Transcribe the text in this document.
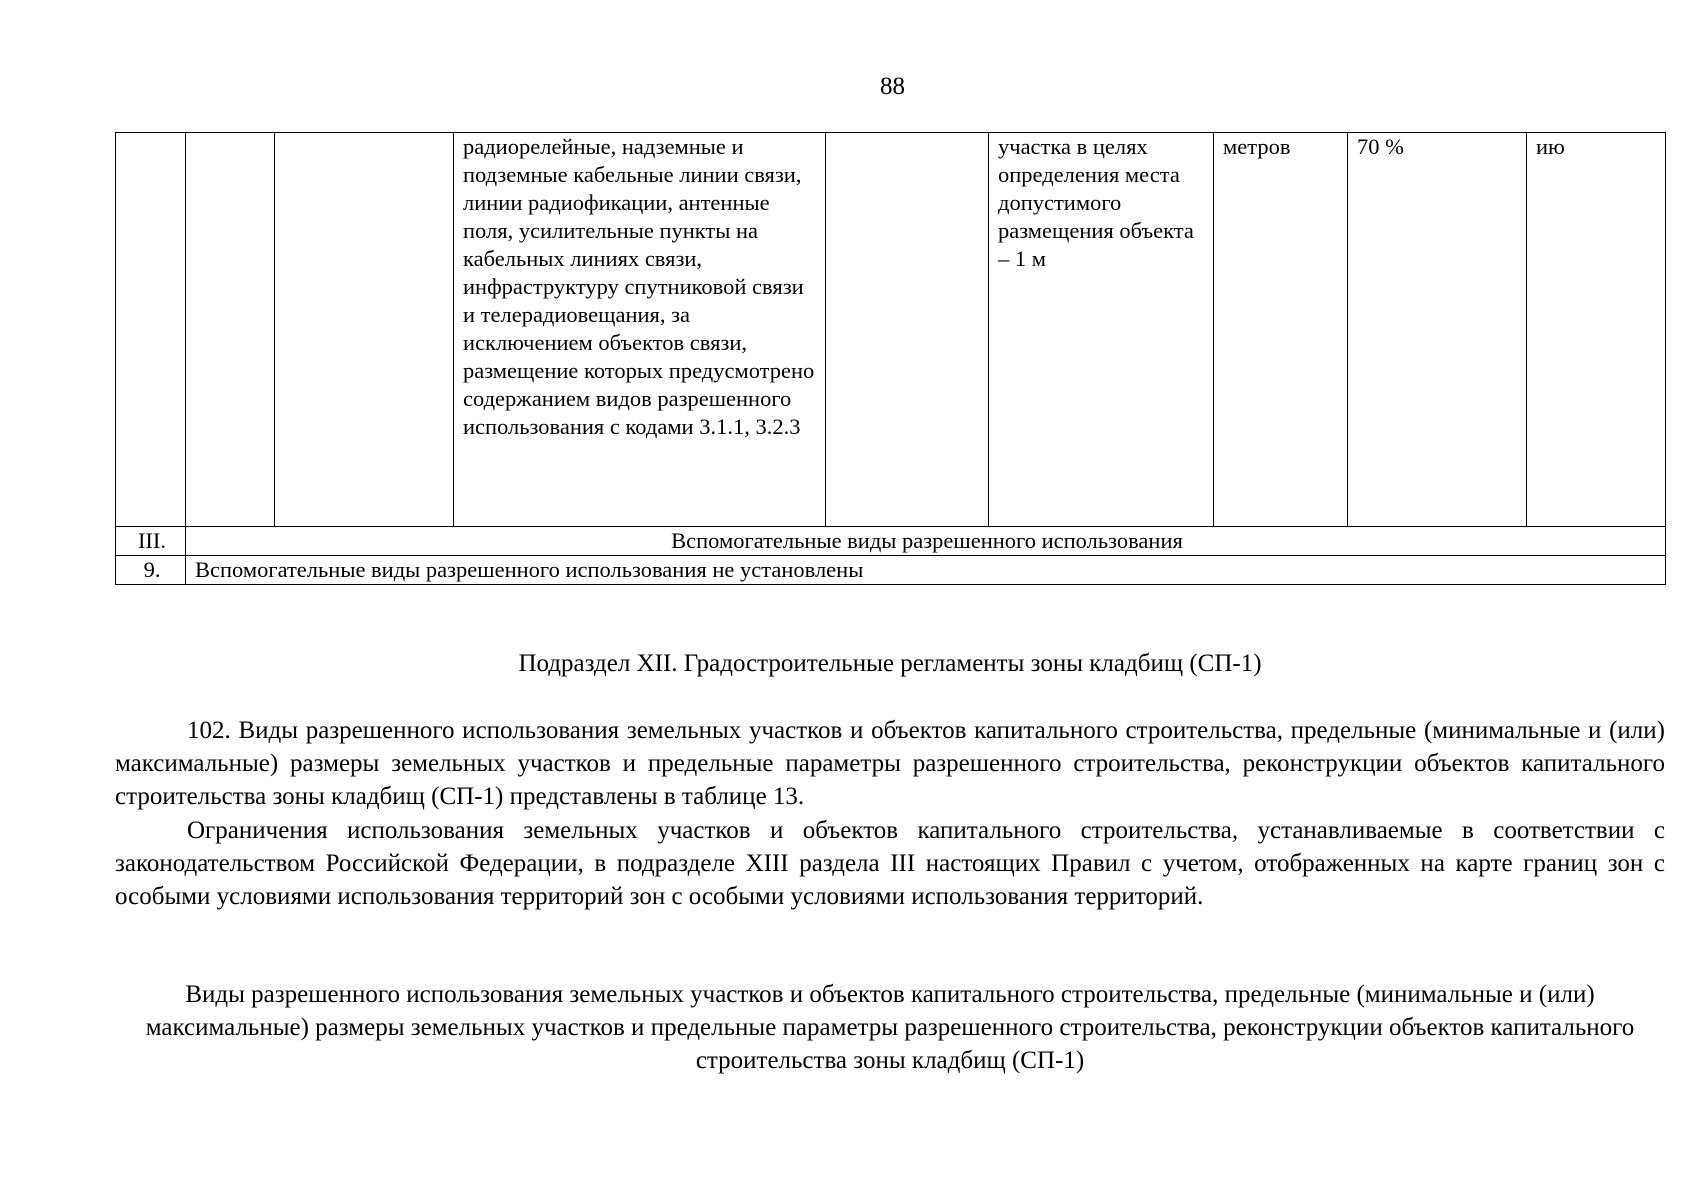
88
			радиорелейные, надземные и подземные кабельные линии связи, линии радиофикации, антенные поля, усилительные пункты на кабельных линиях связи, инфраструктуру спутниковой связи и телерадиовещания, за исключением объектов связи, размещение которых предусмотрено содержанием видов разрешенного использования с кодами 3.1.1, 3.2.3		участка в целях определения места допустимого размещения объекта – 1 м	метров	70 %	ию
III.	Вспомогательные виды разрешенного использования							
9.	Вспомогательные виды разрешенного использования не установлены							
Подраздел XII. Градостроительные регламенты зоны кладбищ (СП-1)

102. Виды разрешенного использования земельных участков и объектов капитального строительства, предельные (минимальные и (или) максимальные) размеры земельных участков и предельные параметры разрешенного строительства, реконструкции объектов капитального строительства зоны кладбищ (СП-1) представлены в таблице 13.

Ограничения использования земельных участков и объектов капитального строительства, устанавливаемые в соответствии с законодательством Российской Федерации, в подразделе XIII раздела III настоящих Правил с учетом, отображенных на карте границ зон с особыми условиями использования территорий зон с особыми условиями использования территорий.

Виды разрешенного использования земельных участков и объектов капитального строительства, предельные (минимальные и (или) максимальные) размеры земельных участков и предельные параметры разрешенного строительства, реконструкции объектов капитального строительства зоны кладбищ (СП-1)
